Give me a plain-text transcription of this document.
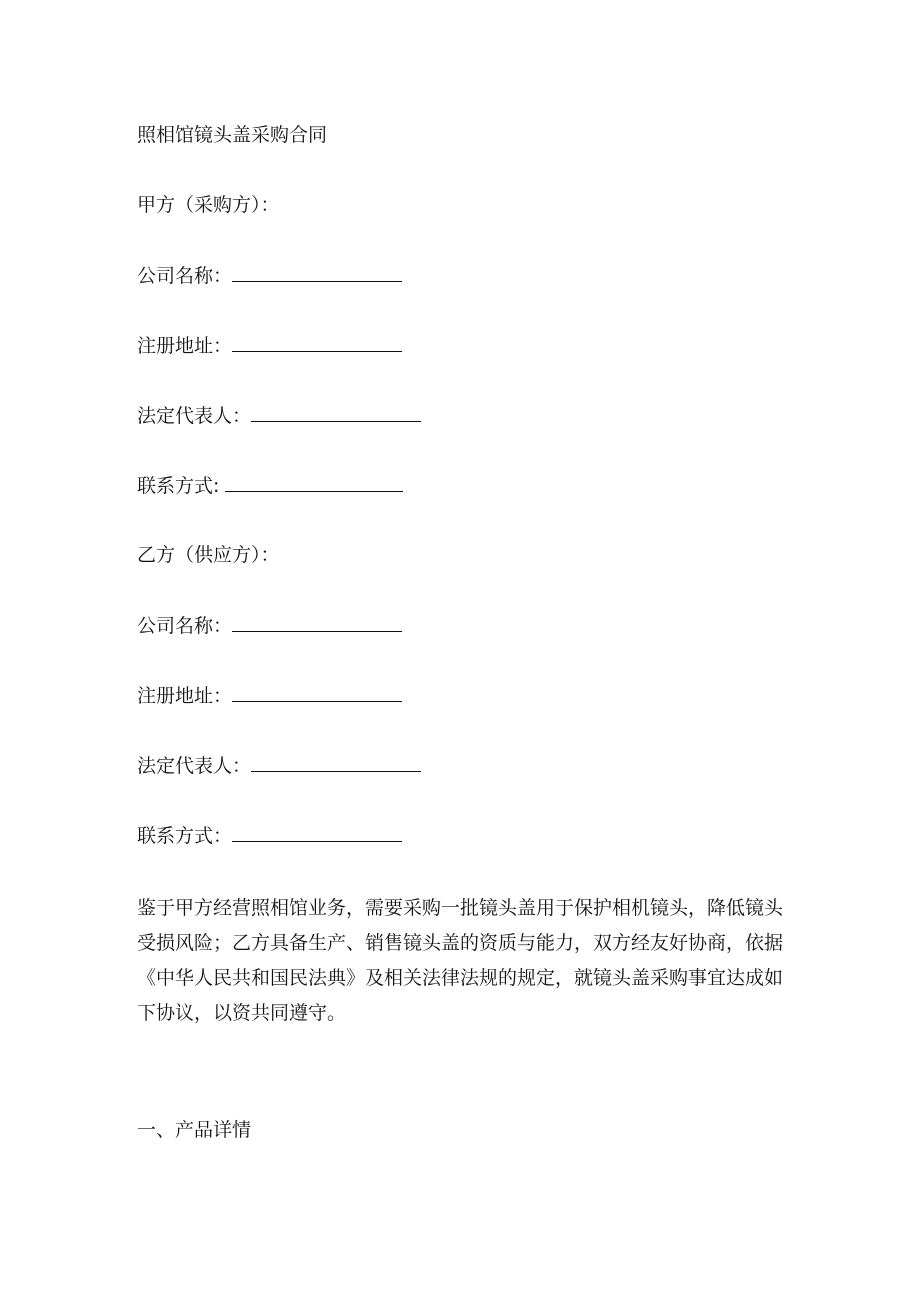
照相馆镜头盖采购合同
甲方（采购方）：
公司名称：
注册地址：
法定代表人：
联系方式:
乙方（供应方）：
公司名称：
注册地址：
法定代表人：
联系方式：
鉴于甲方经营照相馆业务，需要采购一批镜头盖用于保护相机镜头，降低镜头受损风险；乙方具备生产、销售镜头盖的资质与能力，双方经友好协商，依据《中华人民共和国民法典》及相关法律法规的规定，就镜头盖采购事宜达成如下协议，以资共同遵守。
一、产品详情
